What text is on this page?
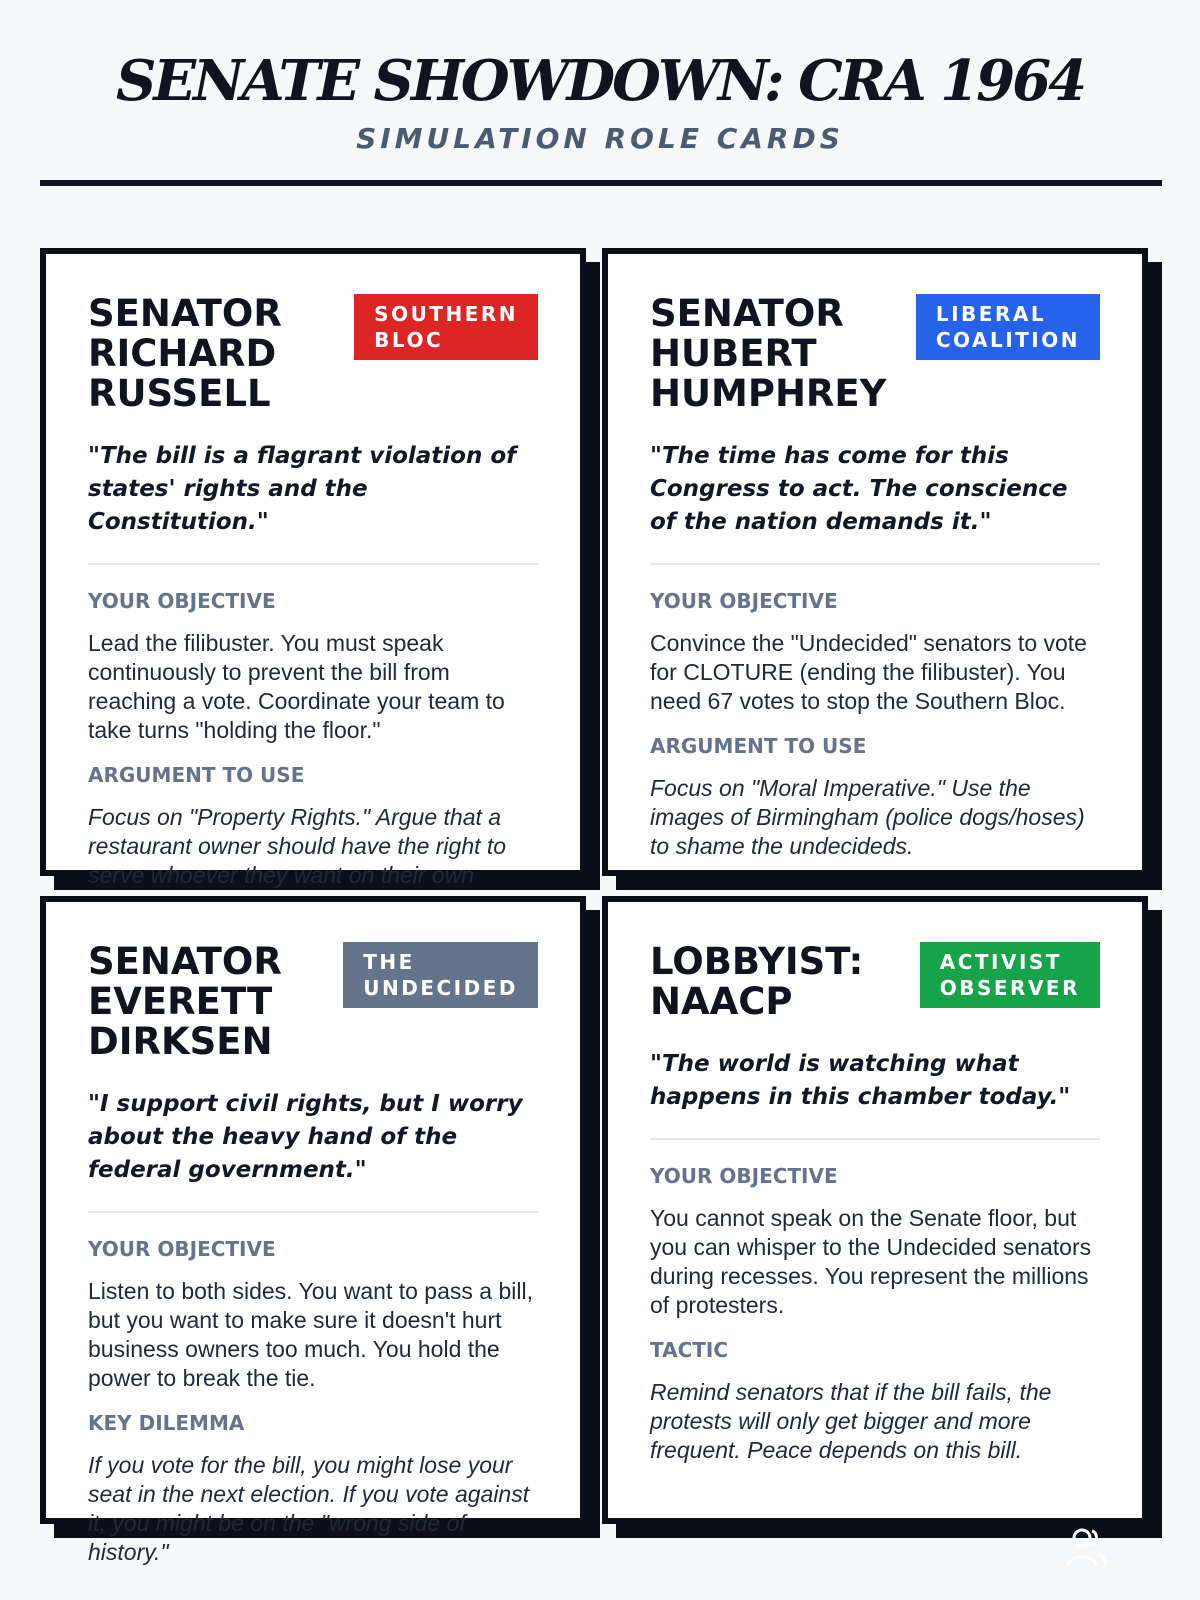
SENATE SHOWDOWN: CRA 1964
SIMULATION ROLE CARDS
SENATOR
RICHARD
RUSSELL
SOUTHERN
BLOC
"The bill is a flagrant violation of states' rights and the Constitution."
YOUR OBJECTIVE
Lead the filibuster. You must speak continuously to prevent the bill from reaching a vote. Coordinate your team to take turns "holding the floor."
ARGUMENT TO USE
Focus on "Property Rights." Argue that a restaurant owner should have the right to serve whoever they want on their own
SENATOR
HUBERT
HUMPHREY
LIBERAL
COALITION
"The time has come for this Congress to act. The conscience of the nation demands it."
YOUR OBJECTIVE
Convince the "Undecided" senators to vote for CLOTURE (ending the filibuster). You need 67 votes to stop the Southern Bloc.
ARGUMENT TO USE
Focus on "Moral Imperative." Use the images of Birmingham (police dogs/hoses) to shame the undecideds.
SENATOR
EVERETT
DIRKSEN
THE
UNDECIDED
"I support civil rights, but I worry about the heavy hand of the federal government."
YOUR OBJECTIVE
Listen to both sides. You want to pass a bill, but you want to make sure it doesn't hurt business owners too much. You hold the power to break the tie.
KEY DILEMMA
If you vote for the bill, you might lose your seat in the next election. If you vote against it, you might be on the "wrong side of history."
LOBBYIST:
NAACP
ACTIVIST
OBSERVER
"The world is watching what happens in this chamber today."
YOUR OBJECTIVE
You cannot speak on the Senate floor, but you can whisper to the Undecided senators during recesses. You represent the millions of protesters.
TACTIC
Remind senators that if the bill fails, the protests will only get bigger and more frequent. Peace depends on this bill.
